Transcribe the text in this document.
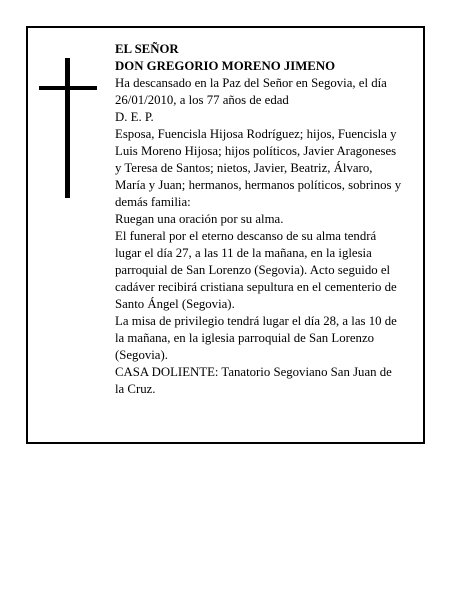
EL SEÑOR
DON GREGORIO MORENO JIMENO
Ha descansado en la Paz del Señor en Segovia, el día
26/01/2010, a los 77 años de edad
D. E. P.
Esposa, Fuencisla Hijosa Rodríguez; hijos, Fuencisla y
Luis Moreno Hijosa; hijos políticos, Javier Aragoneses
y Teresa de Santos; nietos, Javier, Beatriz, Álvaro,
María y Juan; hermanos, hermanos políticos, sobrinos y
demás familia:
Ruegan una oración por su alma.
El funeral por el eterno descanso de su alma tendrá
lugar el día 27, a las 11 de la mañana, en la iglesia
parroquial de San Lorenzo (Segovia). Acto seguido el
cadáver recibirá cristiana sepultura en el cementerio de
Santo Ángel (Segovia).
La misa de privilegio tendrá lugar el día 28, a las 10 de
la mañana, en la iglesia parroquial de San Lorenzo
(Segovia).
CASA DOLIENTE: Tanatorio Segoviano San Juan de
la Cruz.
